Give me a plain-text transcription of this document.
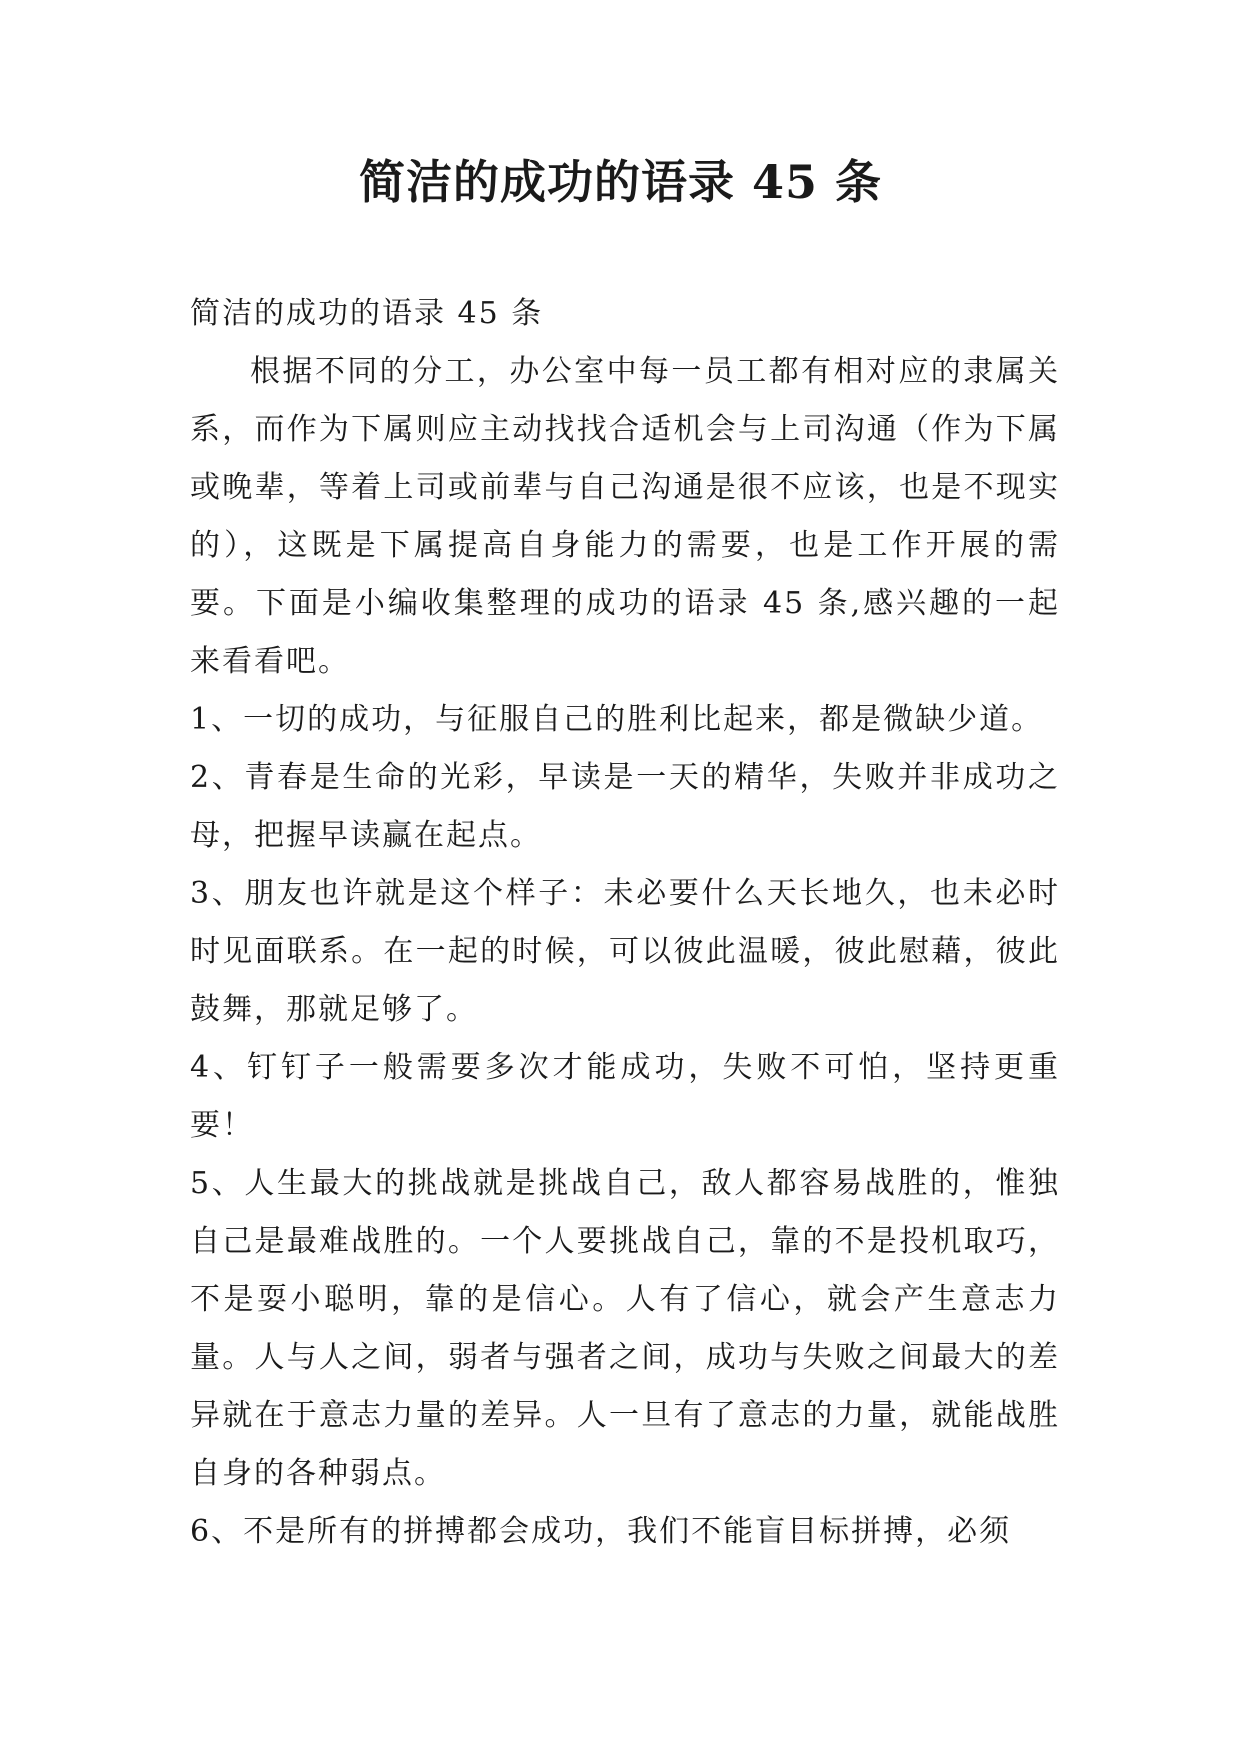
简洁的成功的语录 45 条

简洁的成功的语录 45 条

根据不同的分工，办公室中每一员工都有相对应的隶属关系，而作为下属则应主动找找合适机会与上司沟通（作为下属或晚辈，等着上司或前辈与自己沟通是很不应该，也是不现实的），这既是下属提高自身能力的需要，也是工作开展的需要。下面是小编收集整理的成功的语录 45 条,感兴趣的一起来看看吧。

1、一切的成功，与征服自己的胜利比起来，都是微缺少道。

2、青春是生命的光彩，早读是一天的精华，失败并非成功之母，把握早读赢在起点。

3、朋友也许就是这个样子：未必要什么天长地久，也未必时时见面联系。在一起的时候，可以彼此温暖，彼此慰藉，彼此鼓舞，那就足够了。

4、钉钉子一般需要多次才能成功，失败不可怕，坚持更重要！

5、人生最大的挑战就是挑战自己，敌人都容易战胜的，惟独自己是最难战胜的。一个人要挑战自己，靠的不是投机取巧，不是耍小聪明，靠的是信心。人有了信心，就会产生意志力量。人与人之间，弱者与强者之间，成功与失败之间最大的差异就在于意志力量的差异。人一旦有了意志的力量，就能战胜自身的各种弱点。

6、不是所有的拼搏都会成功，我们不能盲目标拼搏，必须
